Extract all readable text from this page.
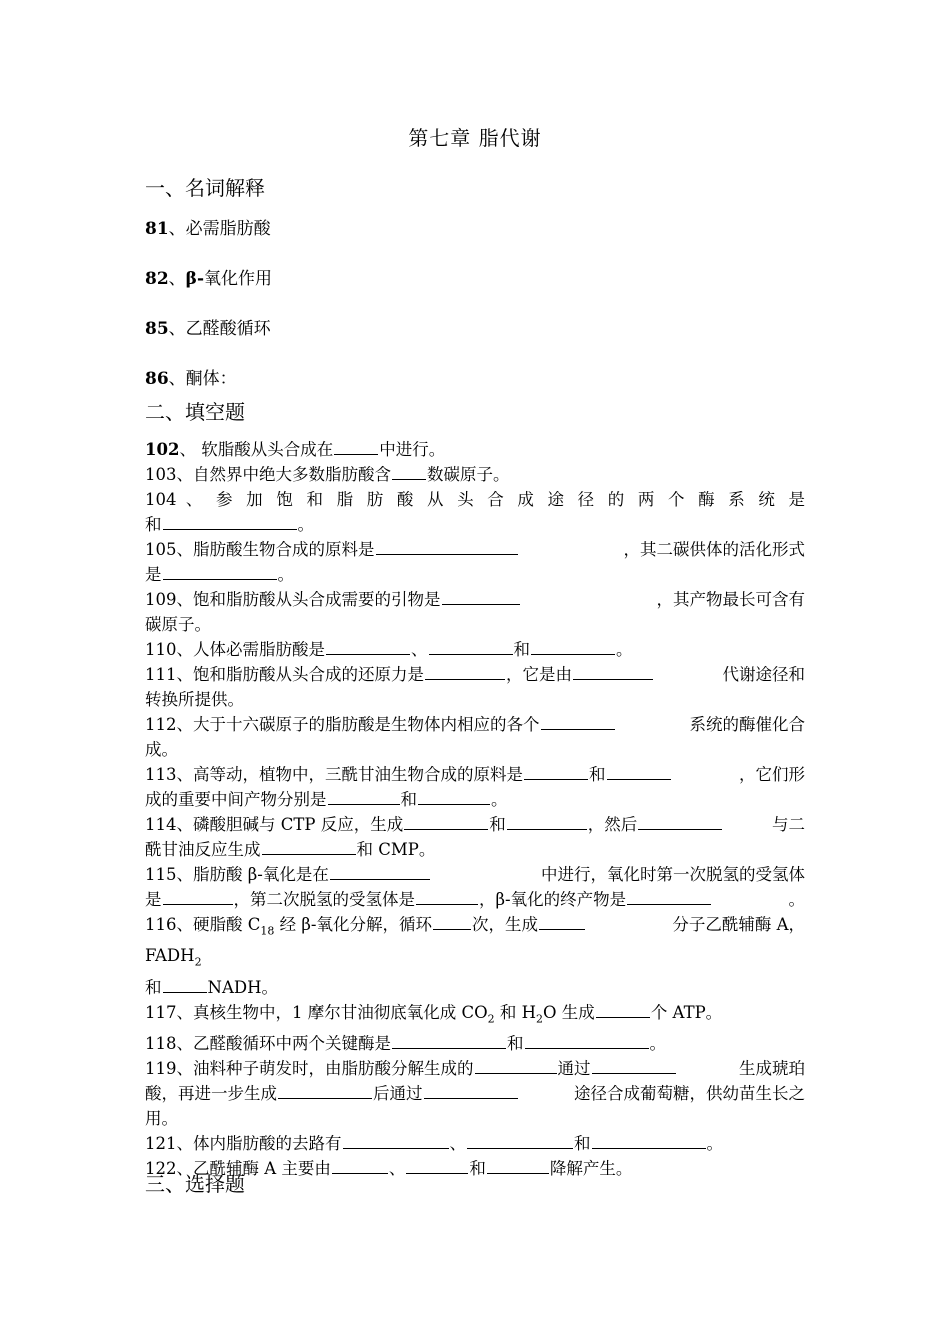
第七章 脂代谢
一、名词解释
81、必需脂肪酸
82、β-氧化作用
85、乙醛酸循环
86、酮体：
二、填空题
102、 软脂酸从头合成在	中进行。
103、自然界中绝大多数脂肪酸含 数碳原子。
104 、 参 加 饱 和 脂 肪 酸 从 头 合 成 途 径 的 两 个 酶 系 统 是
和	。
105、脂肪酸生物合成的原料是	，其二碳供体的活化形式
是	。
109、饱和脂肪酸从头合成需要的引物是	，其产物最长可含有
碳原子。
110、人体必需脂肪酸是	、	和	。
111、饱和脂肪酸从头合成的还原力是	，它是由	代谢途径和
转换所提供。
112、大于十六碳原子的脂肪酸是生物体内相应的各个	系统的酶催化合
成。
113、高等动，植物中，三酰甘油生物合成的原料是	和	，它们形
成的重要中间产物分别是	和	。
114、磷酸胆碱与 CTP 反应，生成	和	，然后	与二
酰甘油反应生成	和 CMP。
115、脂肪酸 β-氧化是在	中进行，氧化时第一次脱氢的受氢体
是	，第二次脱氢的受氢体是	，β-氧化的终产物是	。
116、硬脂酸 $C_{18}$ 经 β-氧化分解，循环 次，生成	分子乙酰辅酶 A，
$FADH_2$
和	NADH。
117、真核生物中，1 摩尔甘油彻底氧化成 $CO_2$ 和 $H_2O$ 生成	个 ATP。
118、乙醛酸循环中两个关键酶是	和	。
119、油料种子萌发时，由脂肪酸分解生成的	通过	生成琥珀
酸，再进一步生成	后通过	途径合成葡萄糖，供幼苗生长之
用。
121、体内脂肪酸的去路有	、	和	。
122、乙酰辅酶 A 主要由	、	和	降解产生。
三、选择题
